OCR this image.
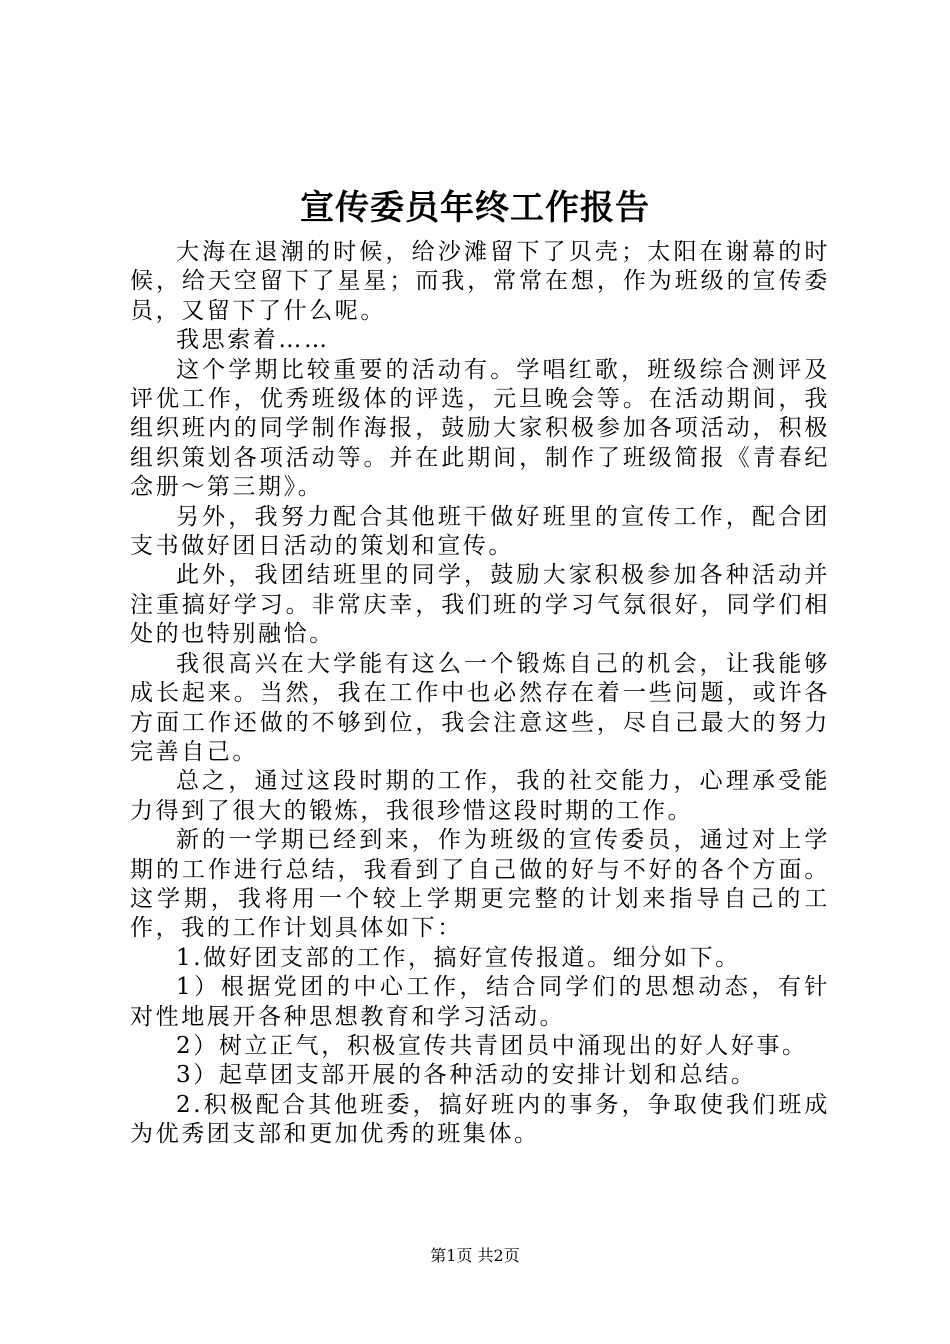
宣传委员年终工作报告

大海在退潮的时候，给沙滩留下了贝壳；太阳在谢幕的时候，给天空留下了星星；而我，常常在想，作为班级的宣传委员，又留下了什么呢。

我思索着……

这个学期比较重要的活动有。学唱红歌，班级综合测评及评优工作，优秀班级体的评选，元旦晚会等。在活动期间，我组织班内的同学制作海报，鼓励大家积极参加各项活动，积极组织策划各项活动等。并在此期间，制作了班级简报《青春纪念册～第三期》。

另外，我努力配合其他班干做好班里的宣传工作，配合团支书做好团日活动的策划和宣传。

此外，我团结班里的同学，鼓励大家积极参加各种活动并注重搞好学习。非常庆幸，我们班的学习气氛很好，同学们相处的也特别融恰。

我很高兴在大学能有这么一个锻炼自己的机会，让我能够成长起来。当然，我在工作中也必然存在着一些问题，或许各方面工作还做的不够到位，我会注意这些，尽自己最大的努力完善自己。

总之，通过这段时期的工作，我的社交能力，心理承受能力得到了很大的锻炼，我很珍惜这段时期的工作。

新的一学期已经到来，作为班级的宣传委员，通过对上学期的工作进行总结，我看到了自己做的好与不好的各个方面。这学期，我将用一个较上学期更完整的计划来指导自己的工作，我的工作计划具体如下：

1.做好团支部的工作，搞好宣传报道。细分如下。

1）根据党团的中心工作，结合同学们的思想动态，有针对性地展开各种思想教育和学习活动。

2）树立正气，积极宣传共青团员中涌现出的好人好事。

3）起草团支部开展的各种活动的安排计划和总结。

2.积极配合其他班委，搞好班内的事务，争取使我们班成为优秀团支部和更加优秀的班集体。

第1页 共2页
